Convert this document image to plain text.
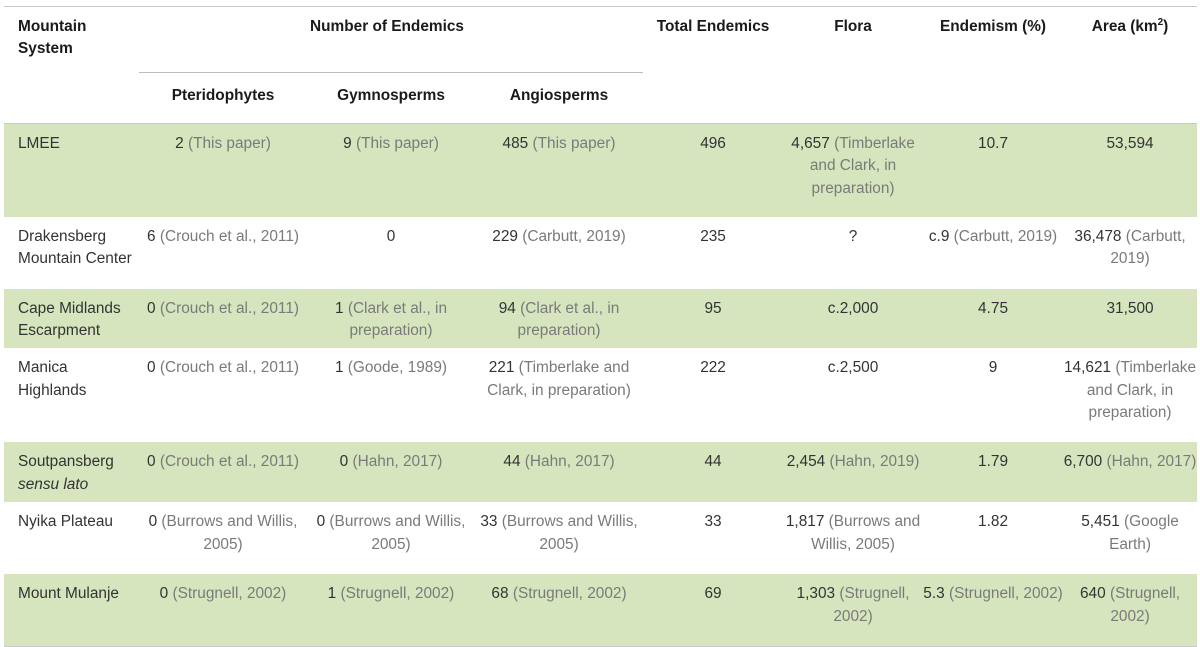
Mountain System	Number of Endemics			Total Endemics	Flora	Endemism (%)	Area $(km^2)$
	Pteridophytes	Gymnosperms	Angiosperms				
LMEE	2 (This paper)	9 (This paper)	485 (This paper)	496	4,657 (Timberlake and Clark, in preparation)	10.7	53,594
Drakensberg Mountain Center	6 (Crouch et al., 2011)	0	229 (Carbutt, 2019)	235	?	c.9 (Carbutt, 2019)	36,478 (Carbutt, 2019)
Cape Midlands Escarpment	0 (Crouch et al., 2011)	1 (Clark et al., in preparation)	94 (Clark et al., in preparation)	95	c.2,000	4.75	31,500
Manica Highlands	0 (Crouch et al., 2011)	1 (Goode, 1989)	221 (Timberlake and Clark, in preparation)	222	c.2,500	9	14,621 (Timberlake and Clark, in preparation)
Soutpansberg
sensu lato	0 (Crouch et al., 2011)	0 (Hahn, 2017)	44 (Hahn, 2017)	44	2,454 (Hahn, 2019)	1.79	6,700 (Hahn, 2017)
Nyika Plateau	0 (Burrows and Willis, 2005)	0 (Burrows and Willis, 2005)	33 (Burrows and Willis, 2005)	33	1,817 (Burrows and Willis, 2005)	1.82	5,451 (Google Earth)
Mount Mulanje	0 (Strugnell, 2002)	1 (Strugnell, 2002)	68 (Strugnell, 2002)	69	1,303 (Strugnell, 2002)	5.3 (Strugnell, 2002)	640 (Strugnell, 2002)
